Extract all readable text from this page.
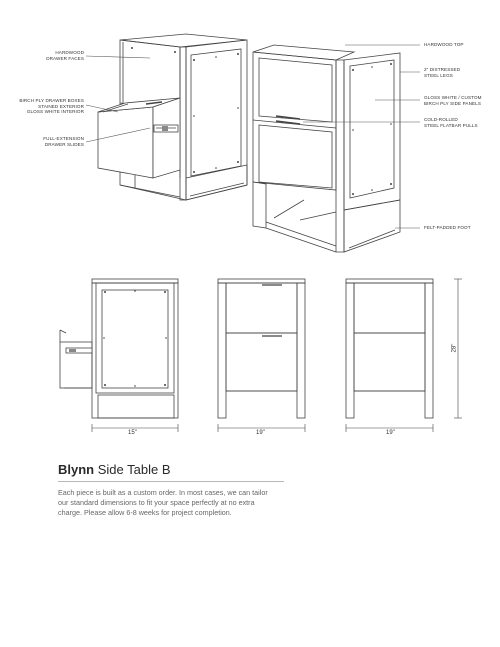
HARDWOOD
DRAWER FACES
BIRCH PLY DRAWER BOXES
STAINED EXTERIOR
GLOSS WHITE INTERIOR
FULL-EXTENSION
DRAWER SLIDES
HARDWOOD TOP
2" DISTRESSED
STEEL LEGS
GLOSS WHITE / CUSTOM
BIRCH PLY SIDE PANELS
COLD-ROLLED
STEEL FLATBAR PULLS
FELT-PADDED FOOT
15"	19"	19"
28"
Blynn Side Table B
Each piece is built as a custom order. In most cases, we can tailor
our standard dimensions to fit your space perfectly at no extra
charge. Please allow 6-8 weeks for project completion.
